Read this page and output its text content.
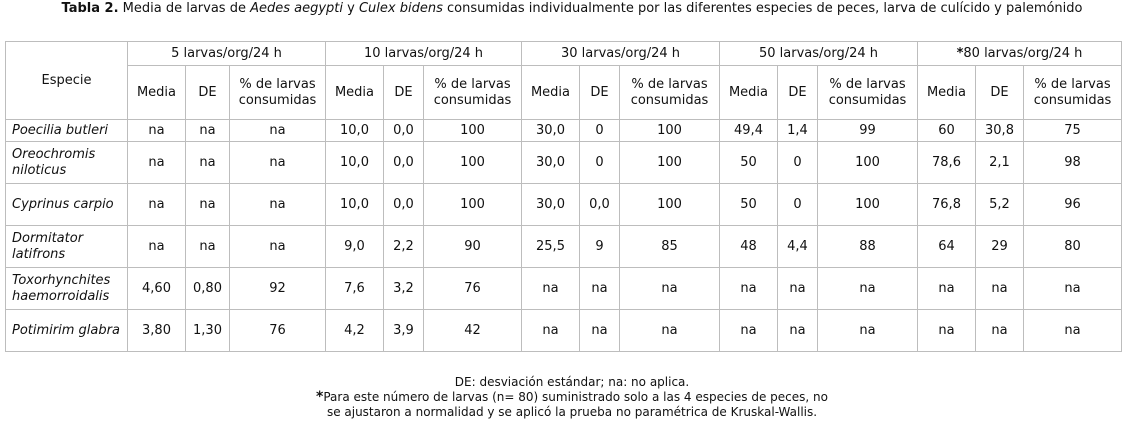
Tabla 2. Media de larvas de Aedes aegypti y Culex bidens consumidas individualmente por las diferentes especies de peces, larva de culícido y palemónido
Especie	5 larvas/org/24 h			10 larvas/org/24 h			30 larvas/org/24 h			50 larvas/org/24 h			*80 larvas/org/24 h		
	Media	DE	% de larvas consumidas	Media	DE	% de larvas consumidas	Media	DE	% de larvas consumidas	Media	DE	% de larvas consumidas	Media	DE	% de larvas consumidas
Poecilia butleri	na	na	na	10,0	0,0	100	30,0	0	100	49,4	1,4	99	60	30,8	75
Oreochromis niloticus	na	na	na	10,0	0,0	100	30,0	0	100	50	0	100	78,6	2,1	98
Cyprinus carpio	na	na	na	10,0	0,0	100	30,0	0,0	100	50	0	100	76,8	5,2	96
Dormitator latifrons	na	na	na	9,0	2,2	90	25,5	9	85	48	4,4	88	64	29	80
Toxorhynchites haemorroidalis	4,60	0,80	92	7,6	3,2	76	na	na	na	na	na	na	na	na	na
Potimirim glabra	3,80	1,30	76	4,2	3,9	42	na	na	na	na	na	na	na	na	na
DE: desviación estándar; na: no aplica.
*Para este número de larvas (n= 80) suministrado solo a las 4 especies de peces, no
se ajustaron a normalidad y se aplicó la prueba no paramétrica de Kruskal-Wallis.
